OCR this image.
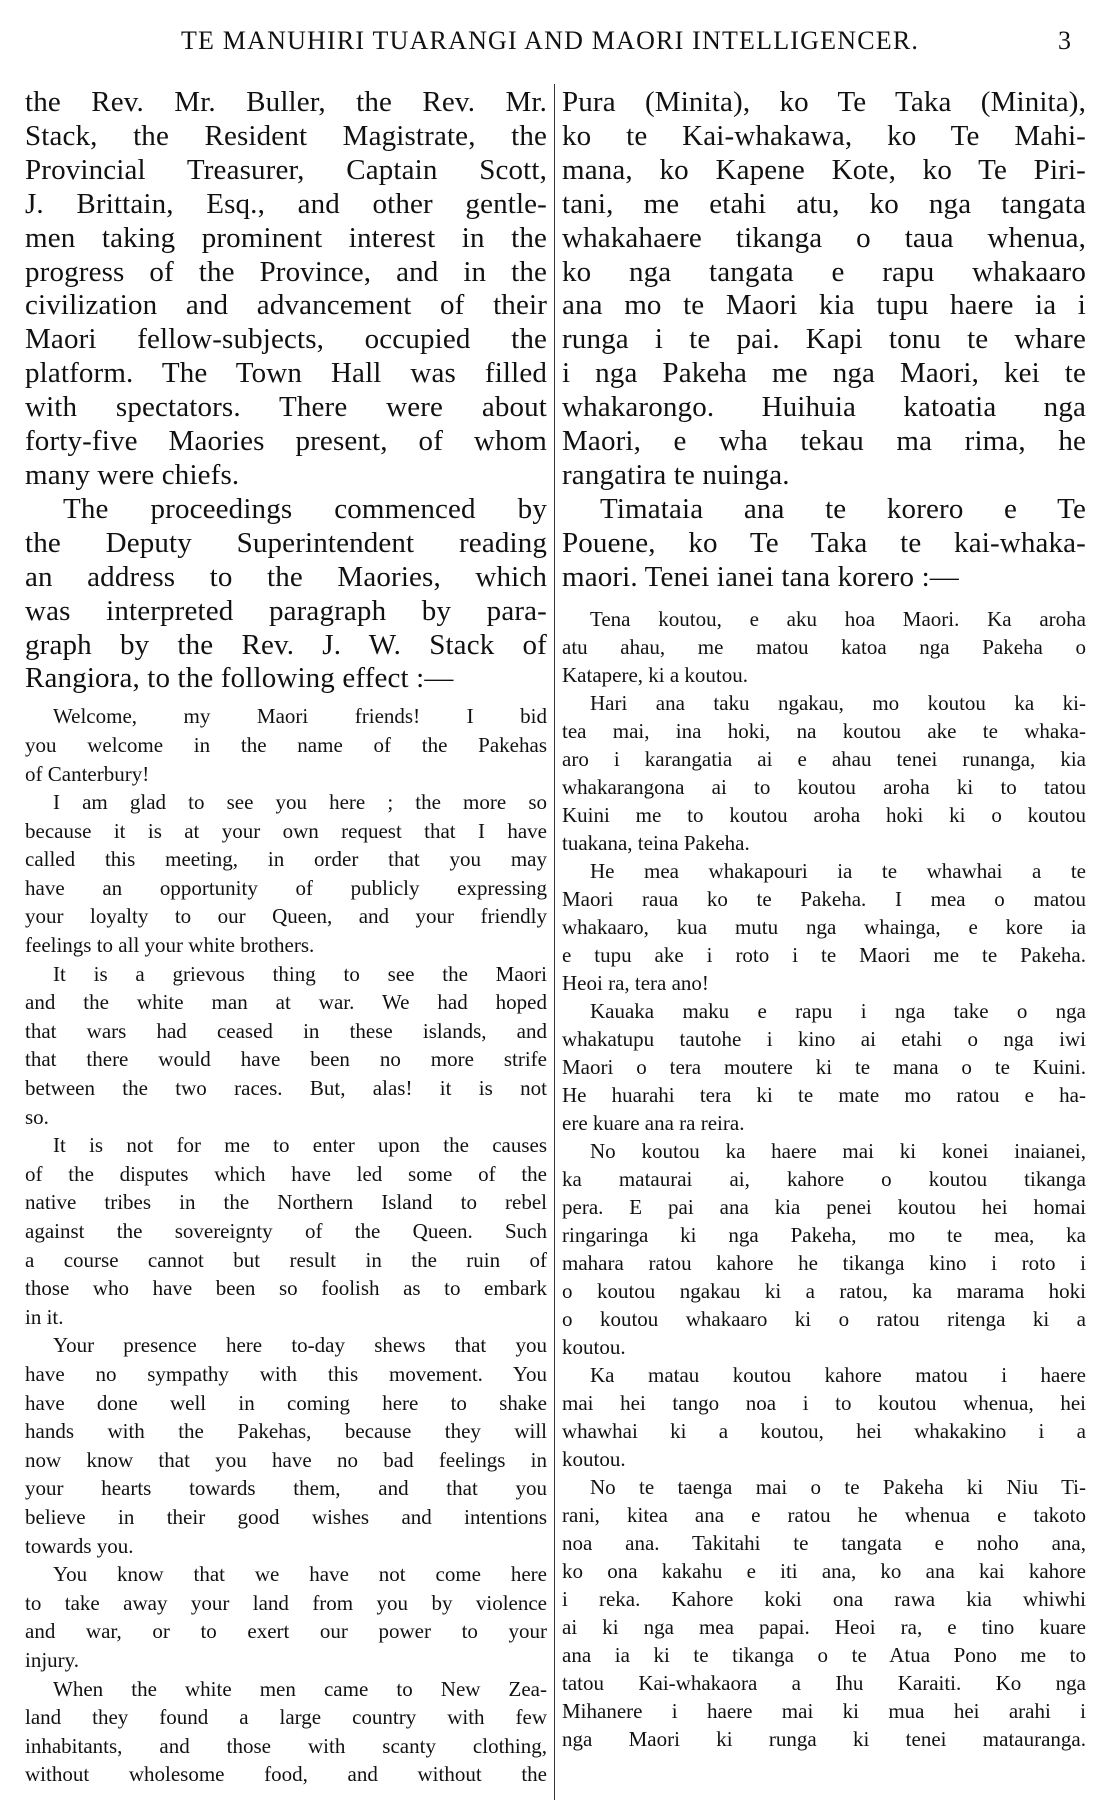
TE MANUHIRI TUARANGI AND MAORI INTELLIGENCER.	3
the Rev. Mr. Buller, the Rev. Mr.
Stack, the Resident Magistrate, the
Provincial Treasurer, Captain Scott,
J. Brittain, Esq., and other gentle-
men taking prominent interest in the
progress of the Province, and in the
civilization and advancement of their
Maori fellow-subjects, occupied the
platform. The Town Hall was filled
with spectators. There were about
forty-five Maories present, of whom
many were chiefs.
The proceedings commenced by
the Deputy Superintendent reading
an address to the Maories, which
was interpreted paragraph by para-
graph by the Rev. J. W. Stack of
Rangiora, to the following effect :—
Welcome, my Maori friends! I bid
you welcome in the name of the Pakehas
of Canterbury!
I am glad to see you here ; the more so
because it is at your own request that I have
called this meeting, in order that you may
have an opportunity of publicly expressing
your loyalty to our Queen, and your friendly
feelings to all your white brothers.
It is a grievous thing to see the Maori
and the white man at war. We had hoped
that wars had ceased in these islands, and
that there would have been no more strife
between the two races. But, alas! it is not
so.
It is not for me to enter upon the causes
of the disputes which have led some of the
native tribes in the Northern Island to rebel
against the sovereignty of the Queen. Such
a course cannot but result in the ruin of
those who have been so foolish as to embark
in it.
Your presence here to-day shews that you
have no sympathy with this movement. You
have done well in coming here to shake
hands with the Pakehas, because they will
now know that you have no bad feelings in
your hearts towards them, and that you
believe in their good wishes and intentions
towards you.
You know that we have not come here
to take away your land from you by violence
and war, or to exert our power to your
injury.
When the white men came to New Zea-
land they found a large country with few
inhabitants, and those with scanty clothing,
without wholesome food, and without the
Pura (Minita), ko Te Taka (Minita),
ko te Kai-whakawa, ko Te Mahi-
mana, ko Kapene Kote, ko Te Piri-
tani, me etahi atu, ko nga tangata
whakahaere tikanga o taua whenua,
ko nga tangata e rapu whakaaro
ana mo te Maori kia tupu haere ia i
runga i te pai. Kapi tonu te whare
i nga Pakeha me nga Maori, kei te
whakarongo. Huihuia katoatia nga
Maori, e wha tekau ma rima, he
rangatira te nuinga.
Timataia ana te korero e Te
Pouene, ko Te Taka te kai-whaka-
maori. Tenei ianei tana korero :—
Tena koutou, e aku hoa Maori. Ka aroha
atu ahau, me matou katoa nga Pakeha o
Katapere, ki a koutou.
Hari ana taku ngakau, mo koutou ka ki-
tea mai, ina hoki, na koutou ake te whaka-
aro i karangatia ai e ahau tenei runanga, kia
whakarangona ai to koutou aroha ki to tatou
Kuini me to koutou aroha hoki ki o koutou
tuakana, teina Pakeha.
He mea whakapouri ia te whawhai a te
Maori raua ko te Pakeha. I mea o matou
whakaaro, kua mutu nga whainga, e kore ia
e tupu ake i roto i te Maori me te Pakeha.
Heoi ra, tera ano!
Kauaka maku e rapu i nga take o nga
whakatupu tautohe i kino ai etahi o nga iwi
Maori o tera moutere ki te mana o te Kuini.
He huarahi tera ki te mate mo ratou e ha-
ere kuare ana ra reira.
No koutou ka haere mai ki konei inaianei,
ka mataurai ai, kahore o koutou tikanga
pera. E pai ana kia penei koutou hei homai
ringaringa ki nga Pakeha, mo te mea, ka
mahara ratou kahore he tikanga kino i roto i
o koutou ngakau ki a ratou, ka marama hoki
o koutou whakaaro ki o ratou ritenga ki a
koutou.
Ka matau koutou kahore matou i haere
mai hei tango noa i to koutou whenua, hei
whawhai ki a koutou, hei whakakino i a
koutou.
No te taenga mai o te Pakeha ki Niu Ti-
rani, kitea ana e ratou he whenua e takoto
noa ana. Takitahi te tangata e noho ana,
ko ona kakahu e iti ana, ko ana kai kahore
i reka. Kahore koki ona rawa kia whiwhi
ai ki nga mea papai. Heoi ra, e tino kuare
ana ia ki te tikanga o te Atua Pono me to
tatou Kai-whakaora a Ihu Karaiti. Ko nga
Mihanere i haere mai ki mua hei arahi i
nga Maori ki runga ki tenei matauranga.
